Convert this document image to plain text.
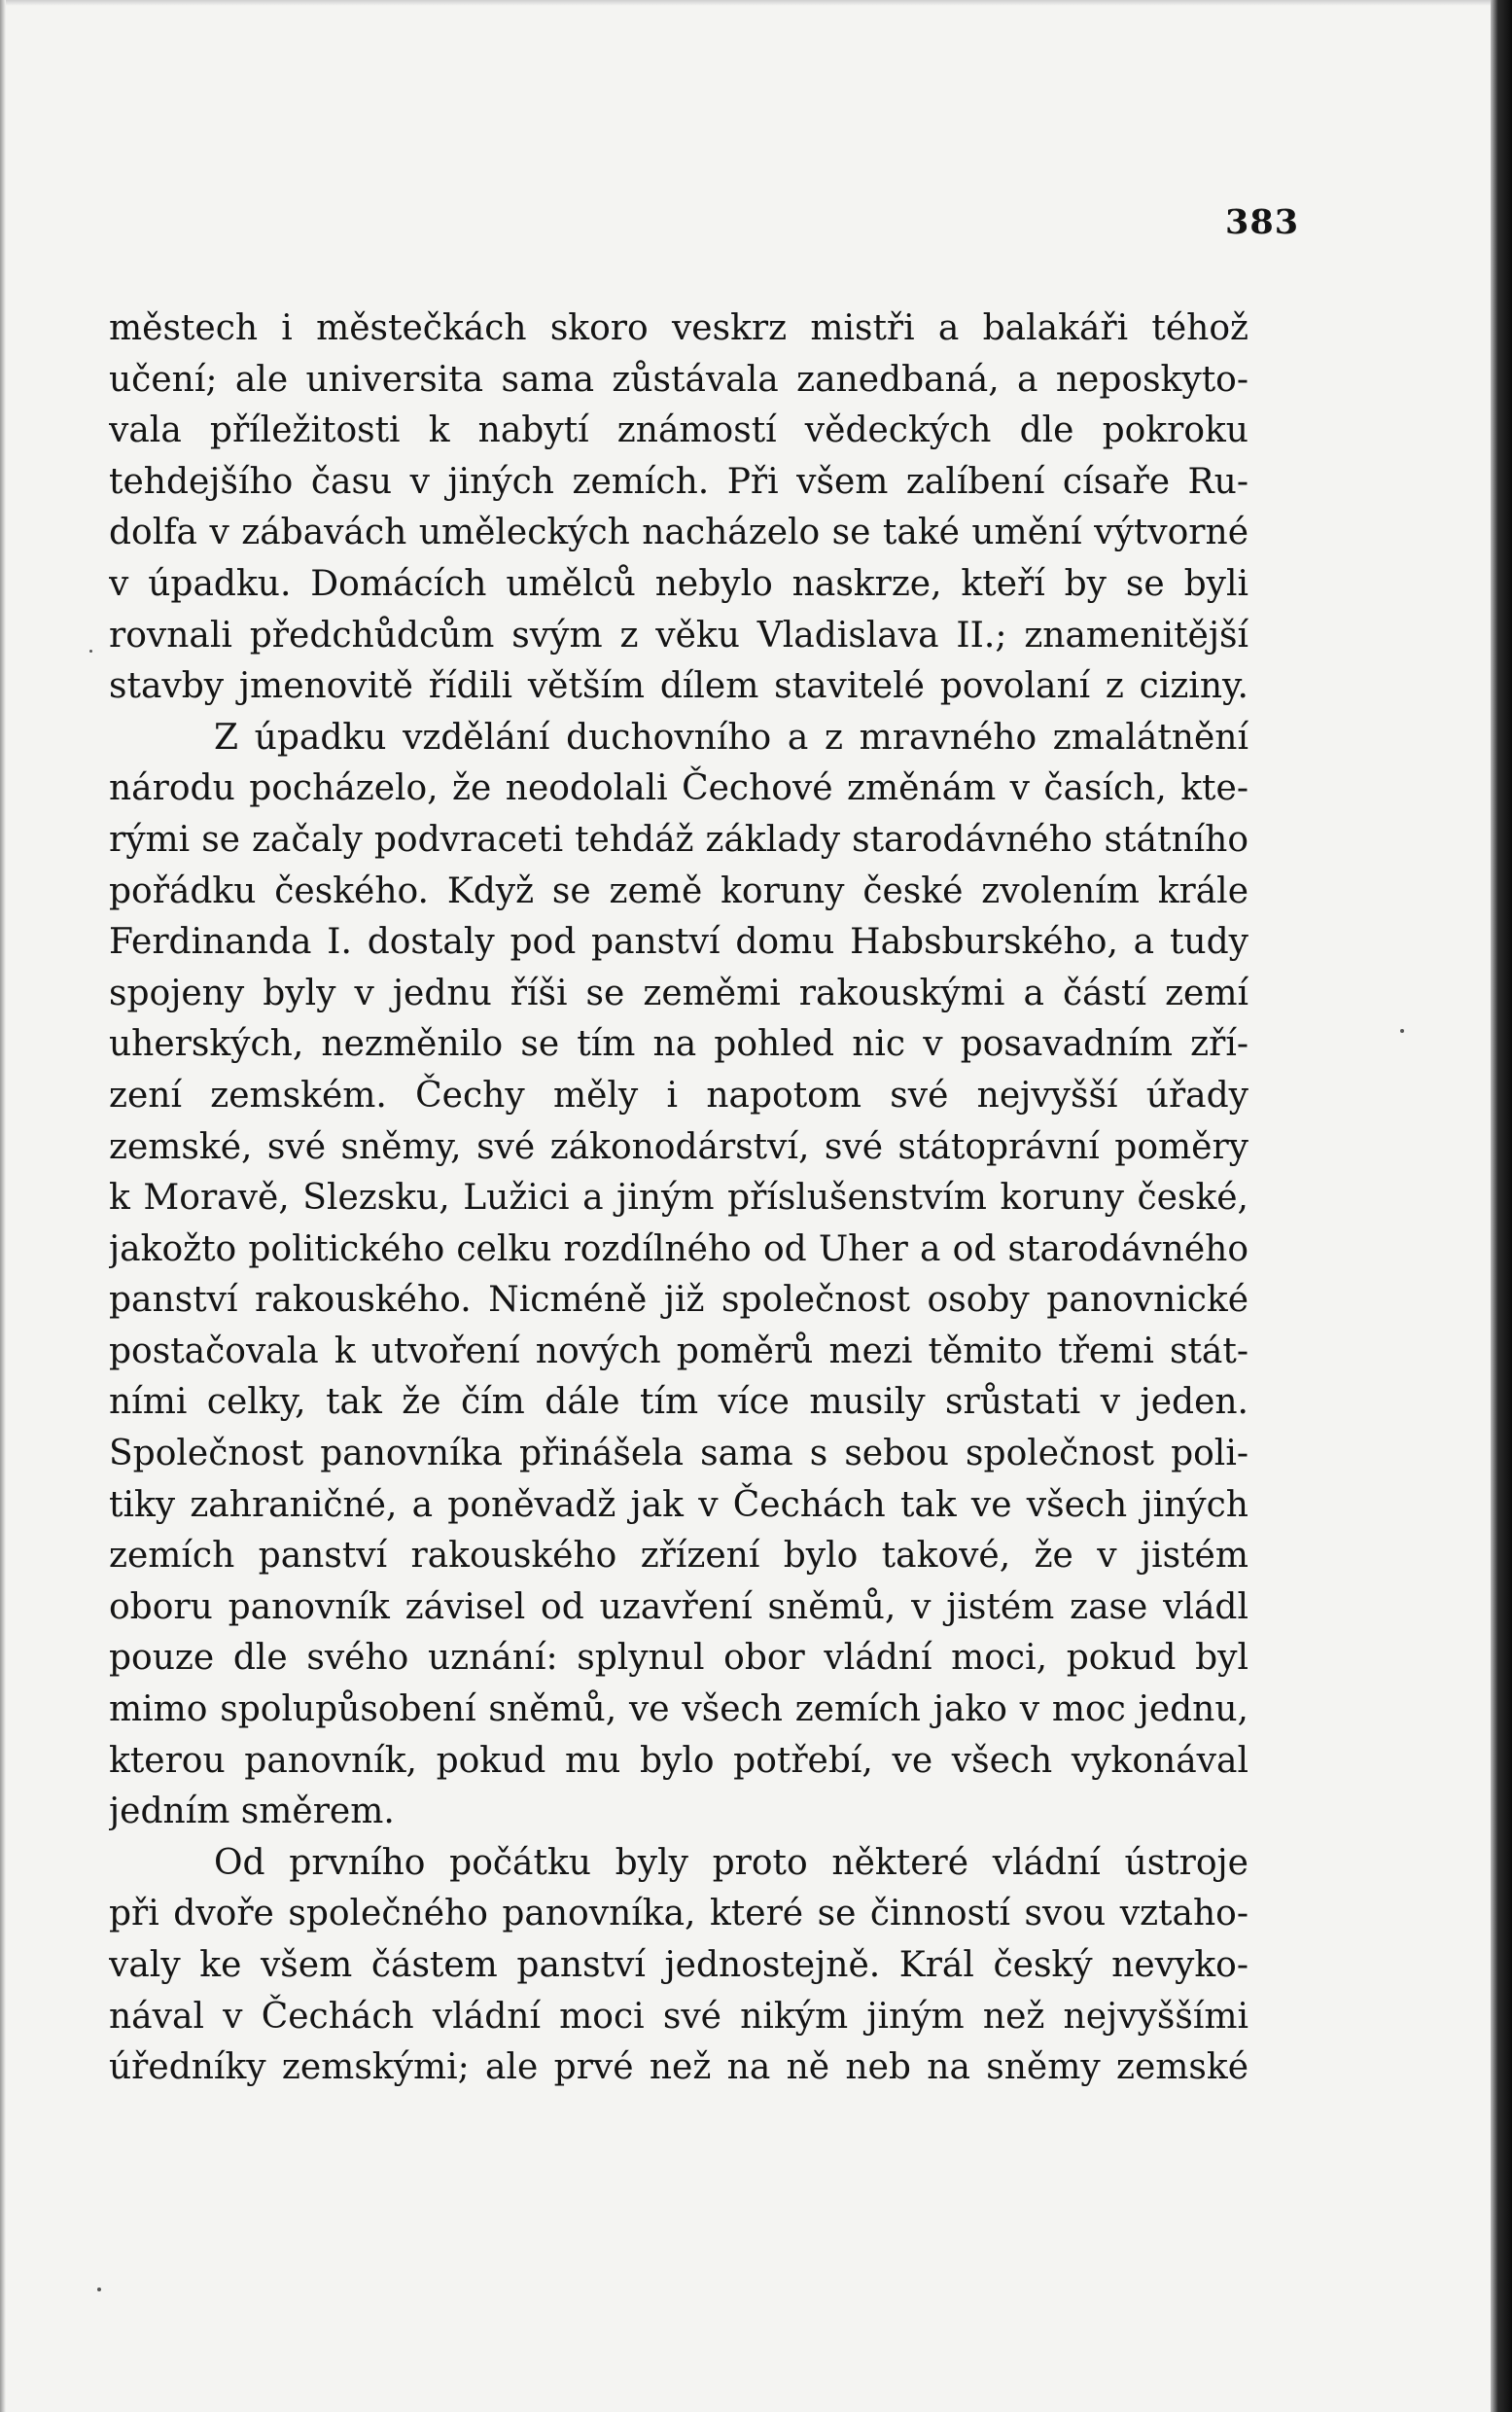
383
městech i městečkách skoro veskrz mistři a balakáři téhož
učení; ale universita sama zůstávala zanedbaná, a neposkyto-
vala příležitosti k nabytí známostí vědeckých dle pokroku
tehdejšího času v jiných zemích. Při všem zalíbení císaře Ru-
dolfa v zábavách uměleckých nacházelo se také umění výtvorné
v úpadku. Domácích umělců nebylo naskrze, kteří by se byli
rovnali předchůdcům svým z věku Vladislava II.; znamenitější
stavby jmenovitě řídili větším dílem stavitelé povolaní z ciziny.
Z úpadku vzdělání duchovního a z mravného zmalátnění
národu pocházelo, že neodolali Čechové změnám v časích, kte-
rými se začaly podvraceti tehdáž základy starodávného státního
pořádku českého. Když se země koruny české zvolením krále
Ferdinanda I. dostaly pod panství domu Habsburského, a tudy
spojeny byly v jednu říši se zeměmi rakouskými a částí zemí
uherských, nezměnilo se tím na pohled nic v posavadním zří-
zení zemském. Čechy měly i napotom své nejvyšší úřady
zemské, své sněmy, své zákonodárství, své státoprávní poměry
k Moravě, Slezsku, Lužici a jiným příslušenstvím koruny české,
jakožto politického celku rozdílného od Uher a od starodávného
panství rakouského. Nicméně již společnost osoby panovnické
postačovala k utvoření nových poměrů mezi těmito třemi stát-
ními celky, tak že čím dále tím více musily srůstati v jeden.
Společnost panovníka přinášela sama s sebou společnost poli-
tiky zahraničné, a poněvadž jak v Čechách tak ve všech jiných
zemích panství rakouského zřízení bylo takové, že v jistém
oboru panovník závisel od uzavření sněmů, v jistém zase vládl
pouze dle svého uznání: splynul obor vládní moci, pokud byl
mimo spolupůsobení sněmů, ve všech zemích jako v moc jednu,
kterou panovník, pokud mu bylo potřebí, ve všech vykonával
jedním směrem.
Od prvního počátku byly proto některé vládní ústroje
při dvoře společného panovníka, které se činností svou vztaho-
valy ke všem částem panství jednostejně. Král český nevyko-
nával v Čechách vládní moci své nikým jiným než nejvyššími
úředníky zemskými; ale prvé než na ně neb na sněmy zemské
